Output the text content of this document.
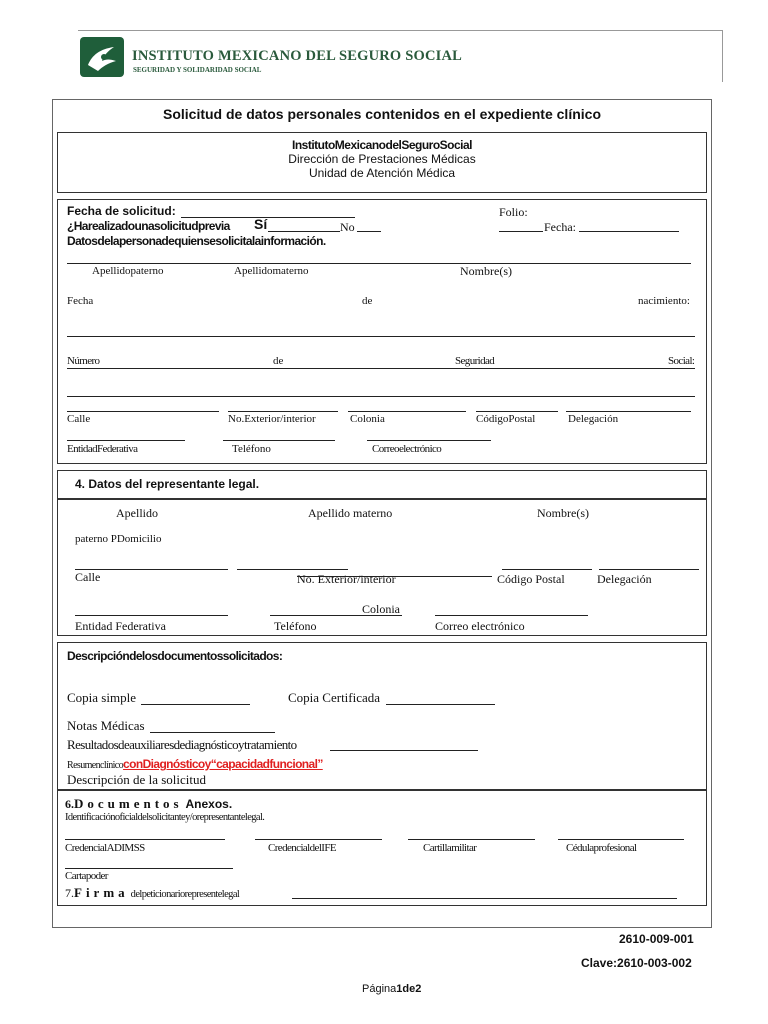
INSTITUTO MEXICANO DEL SEGURO SOCIAL
SEGURIDAD Y SOLIDARIDAD SOCIAL
Solicitud de datos personales contenidos en el expediente clínico
InstitutoMexicanodelSeguroSocial
Dirección de Prestaciones Médicas
Unidad de Atención Médica
Fecha de solicitud:	Folio:
¿Harealizadounasolicitudprevia Sí	No	Fecha:
Datosdelapersonadequiensesolicitalainformación.
Apellidopaterno	Apellidomaterno	Nombre(s)
Fecha	de	nacimiento:
Número	de	Seguridad	Social:
Calle	No.Exterior/interior	Colonia	CódigoPostal	Delegación
EntidadFederativa	Teléfono	Correoelectrónico
4. Datos del representante legal.
Apellido	Apellido materno	Nombre(s)
paterno PDomicilio
Calle	No. Exterior/interior	Código Postal	Delegación
Colonia
Entidad Federativa	Teléfono	Correo electrónico
Descripcióndelosdocumentossolicitados:
Copia simple	Copia Certificada
Notas Médicas
Resultadosdeauxiliaresdediagnósticoytratamiento
ResumenclínicoconDiagnósticoy“capacidadfuncional”
Descripción de la solicitud
6.Documentos Anexos.
Identificaciónoficialdelsolicitantey/orepresentantelegal.
CredencialADIMSS	CredencialdelIFE	Cartillamilitar	Cédulaprofesional
Cartapoder
7.Firma delpeticionariorepresentelegal
2610-009-001
Clave:2610-003-002
Página1de2
